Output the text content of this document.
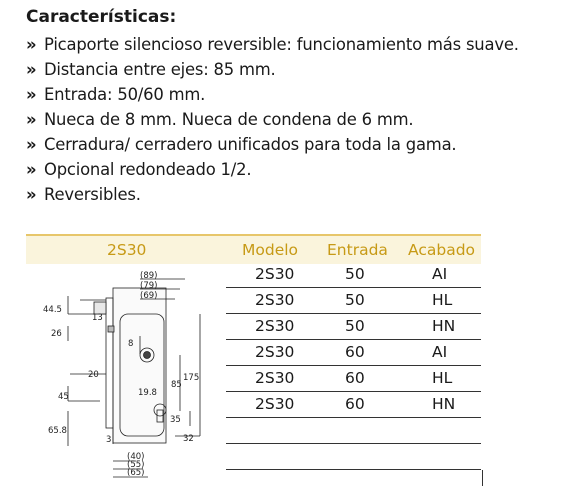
Características:
» Picaporte silencioso reversible: funcionamiento más suave.
» Distancia entre ejes: 85 mm.
» Entrada: 50/60 mm.
» Nueca de 8 mm. Nueca de condena de 6 mm.
» Cerradura/ cerradero unificados para toda la gama.
» Opcional redondeado 1/2.
» Reversibles.
2S30	Modelo Entrada Acabado
2S30	50	AI
2S30	50	HL
2S30	50	HN
2S30	60	AI
2S30	60	HL
2S30	60	HN
(89)
(79)
(69)
44.5
13
26
8
20
45
65.8
3
19.8
85
175
35
32
(40)
(55)
(65)
